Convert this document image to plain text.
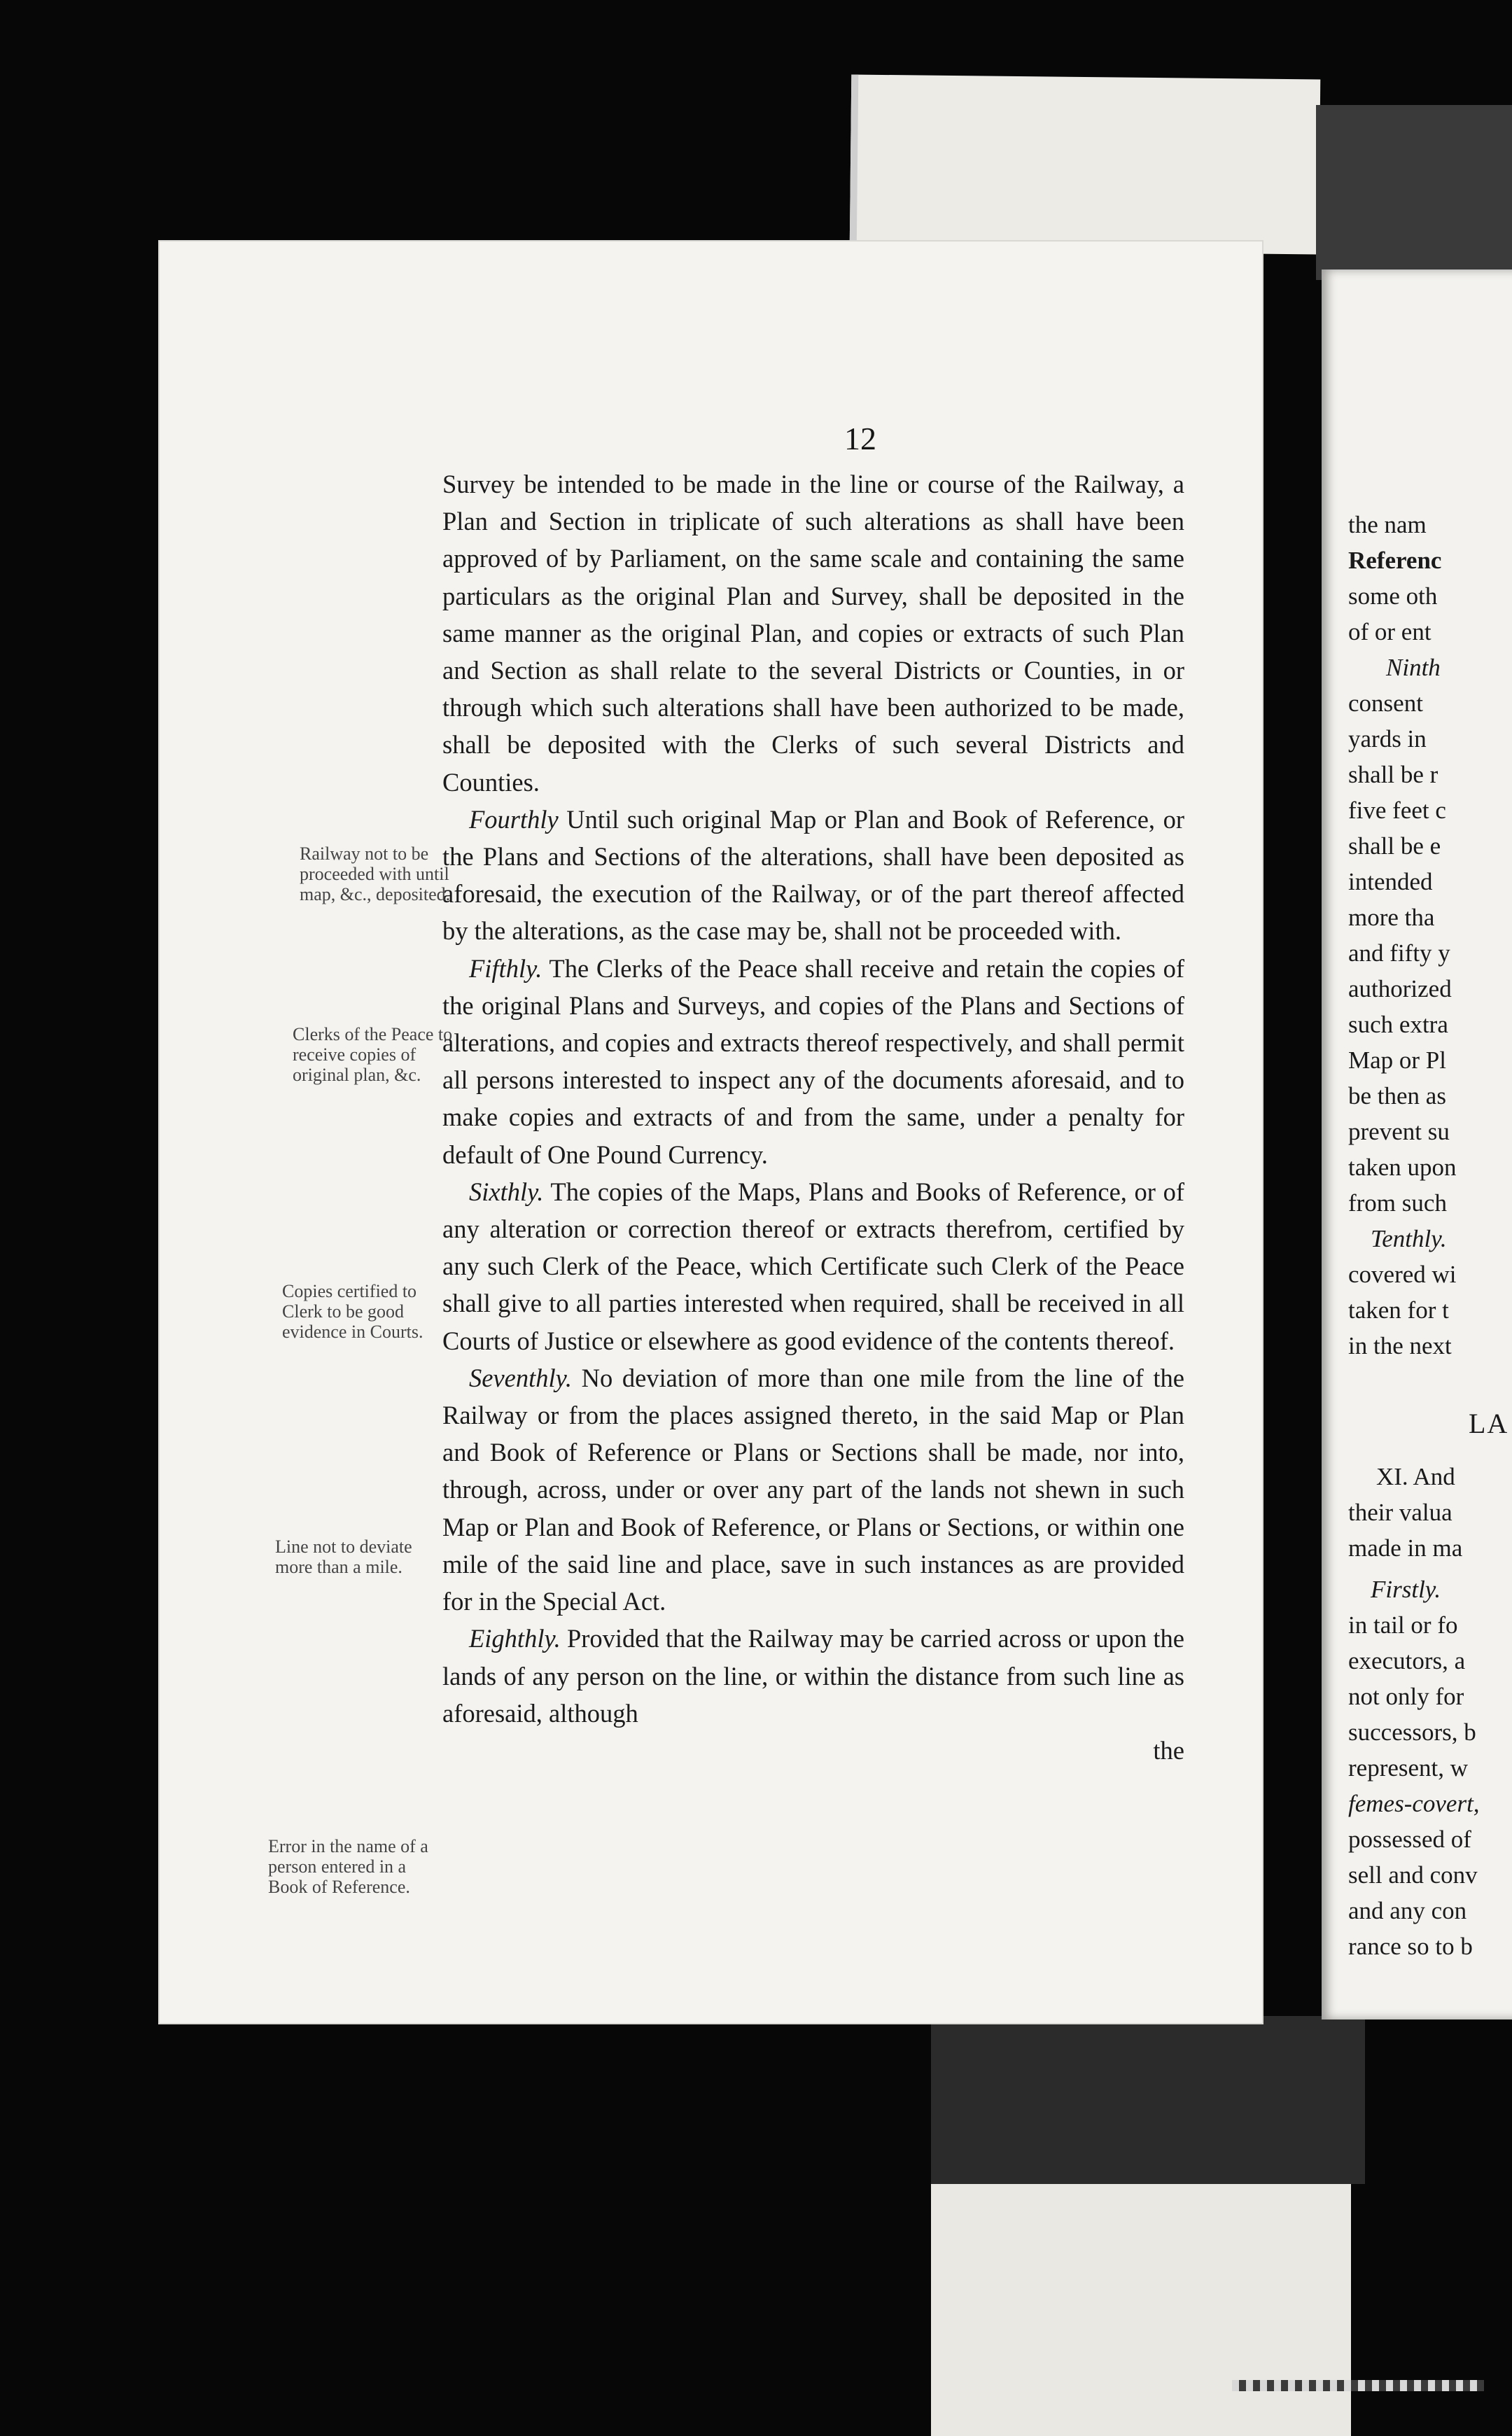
the nam
Referenc
some oth
of or ent
Ninth
consent
yards in
shall be r
five feet c
shall be e
intended
more tha
and fifty y
authorized
such extra
Map or Pl
be then as
prevent su
taken upon
from such
Tenthly.
covered wi
taken for t
in the next
LA
XI. And
their valua
made in ma
Firstly.
in tail or fo
executors, a
not only for
successors, b
represent, w
femes-covert,
possessed of
sell and conv
and any con
rance so to b
12

Survey be intended to be made in the line or course of the Railway, a Plan and Section in triplicate of such alterations as shall have been approved of by Parliament, on the same scale and containing the same particulars as the original Plan and Survey, shall be deposited in the same manner as the original Plan, and copies or extracts of such Plan and Section as shall relate to the several Districts or Counties, in or through which such alterations shall have been authorized to be made, shall be deposited with the Clerks of such several Districts and Counties.

Fourthly Until such original Map or Plan and Book of Reference, or the Plans and Sections of the alterations, shall have been deposited as aforesaid, the execution of the Railway, or of the part thereof affected by the alterations, as the case may be, shall not be proceeded with.

Fifthly. The Clerks of the Peace shall receive and retain the copies of the original Plans and Surveys, and copies of the Plans and Sections of alterations, and copies and extracts thereof respectively, and shall permit all persons interested to inspect any of the documents aforesaid, and to make copies and extracts of and from the same, under a penalty for default of One Pound Currency.

Sixthly. The copies of the Maps, Plans and Books of Reference, or of any alteration or correction thereof or extracts therefrom, certified by any such Clerk of the Peace, which Certificate such Clerk of the Peace shall give to all parties interested when required, shall be received in all Courts of Justice or elsewhere as good evidence of the contents thereof.

Seventhly. No deviation of more than one mile from the line of the Railway or from the places assigned thereto, in the said Map or Plan and Book of Reference or Plans or Sections shall be made, nor into, through, across, under or over any part of the lands not shewn in such Map or Plan and Book of Reference, or Plans or Sections, or within one mile of the said line and place, save in such instances as are provided for in the Special Act.

Eighthly. Provided that the Railway may be carried across or upon the lands of any person on the line, or within the distance from such line as aforesaid, although

the

Railway not to be proceeded with until map, &c., deposited.
Clerks of the Peace to receive copies of original plan, &c.
Copies certified to Clerk to be good evidence in Courts.
Line not to deviate more than a mile.
Error in the name of a person entered in a Book of Reference.
